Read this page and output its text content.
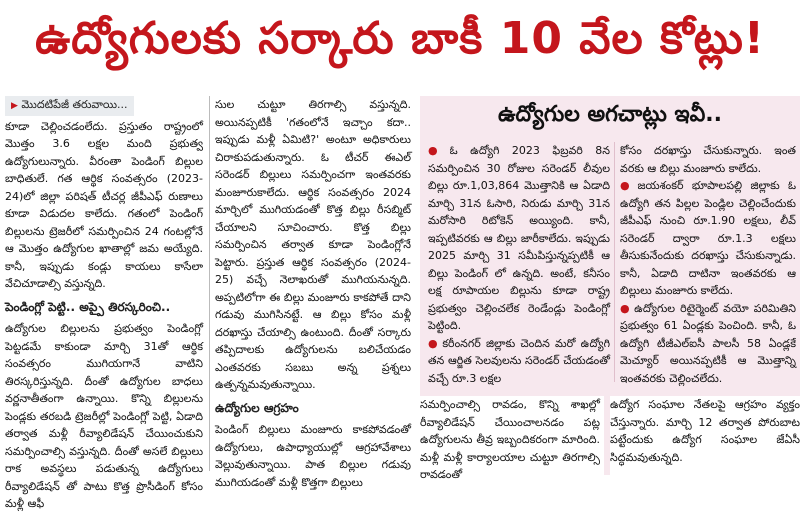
ఉద్యోగులకు సర్కారు బాకీ 10 వేల కోట్లు!
▶ మొదటిపేజీ తరువాయి...

కూడా చెల్లించడంలేదు. ప్రస్తుతం రాష్ట్రంలో మొత్తం 3.6 లక్షల మంది ప్రభుత్వ ఉద్యోగులున్నారు. వీరంతా పెండింగ్ బిల్లుల బాధితులే. గత ఆర్థిక సంవత్సరం (2023-24)లో జిల్లా పరిషత్ టీచర్ల జీపీఎఫ్ రుణాలు కూడా విడుదల కాలేదు. గతంలో పెండింగ్ బిల్లులను ట్రెజరీలో సమర్పించిన 24 గంటల్లోనే ఆ మొత్తం ఉద్యోగుల ఖాతాల్లో జమ అయ్యేది. కానీ, ఇప్పుడు కండ్లు కాయలు కాసేలా వేచిచూడాల్సి వస్తున్నది.

పెండింగ్లో పెట్టి.. అప్పై తిరస్కరించి..

ఉద్యోగుల బిల్లులను ప్రభుత్వం పెండింగ్లో పెట్టడమే కాకుండా మార్చి 31తో ఆర్థిక సంవత్సరం ముగియగానే వాటిని తిరస్కరిస్తున్నది. దీంతో ఉద్యోగుల బాధలు వర్ణనాతీతంగా ఉన్నాయి. కొన్ని బిల్లులను పెండ్లకు తరబడి ట్రెజరీల్లో పెండింగ్లో పెట్టి, ఏడాది తర్వాత మళ్లీ రీవ్యాలిడేషన్ చేయించుకుని సమర్పించాల్సి వస్తున్నది. దీంతో అసలే బిల్లులు రాక అవస్థలు పడుతున్న ఉద్యోగులు రీవ్యాలిడేషన్ తో పాటు కొత్త ప్రొసీడింగ్ కోసం మళ్లీ ఆఫీ

సుల చుట్టూ తిరగాల్సి వస్తున్నది. అయినప్పటికీ 'గతంలోనే ఇచ్చాం కదా.. ఇప్పుడు మళ్లీ ఏమిటి?' అంటూ అధికారులు చిరాకుపడుతున్నారు. ఓ టీచర్ ఈఎల్ సరెండర్ బిల్లులు సమర్పించగా ఇంతవరకు మంజూరుకాలేదు. ఆర్థిక సంవత్సరం 2024 మార్చిలో ముగియడంతో కొత్త బిల్లు రీసబ్మిట్ చేయాలని సూచించారు. కొత్త బిల్లు సమర్పించిన తర్వాత కూడా పెండింగ్లోనే పెట్టారు. ప్రస్తుత ఆర్థిక సంవత్సరం (2024-25) వచ్చే నెలాఖరుతో ముగియనున్నది. అప్పటిలోగా ఈ బిల్లు మంజూరు కాకపోతే దాని గడువు ముగిసినట్టే. ఆ బిల్లు కోసం మళ్లీ దరఖాస్తు చేయాల్సి ఉంటుంది. దీంతో సర్కారు తప్పిదాలకు ఉద్యోగులను బలిచేయడం ఎంతవరకు సబబు అన్న ప్రశ్నలు ఉత్పన్నమవుతున్నాయి.

ఉద్యోగుల ఆగ్రహం

పెండింగ్ బిల్లులు మంజూరు కాకపోవడంతో ఉద్యోగులు, ఉపాధ్యాయుల్లో ఆగ్రహావేశాలు వెల్లువుతున్నాయి. పాత బిల్లుల గడువు ముగియడంతో మళ్లీ కొత్తగా బిల్లులు

ఉద్యోగుల అగచాట్లు ఇవీ..

● ఓ ఉద్యోగి 2023 ఫిబ్రవరి 8న సమర్పించిన 30 రోజుల సరెండర్ లీవుల బిల్లు రూ.1,03,864 మొత్తానికి ఆ ఏడాది మార్చి 31న ఓసారి, నిరుడు మార్చి 31న మరోసారి రిటోకెన్ అయ్యింది. కానీ, ఇప్పటివరకు ఆ బిల్లు జారీకాలేదు. ఇప్పుడు 2025 మార్చి 31 సమీపిస్తున్నప్పటికీ ఆ బిల్లు పెండింగ్ లో ఉన్నది. అంటే, కనీసం లక్ష రూపాయల బిల్లును కూడా రాష్ట్ర ప్రభుత్వం చెల్లించలేక రెండేండ్లు పెండింగ్లో పెట్టింది.

● కరీంనగర్ జిల్లాకు చెందిన మరో ఉద్యోగి తన ఆర్జిత సెలవులను సరెండర్ చేయడంతో వచ్చే రూ.3 లక్షల

కోసం దరఖాస్తు చేసుకున్నారు. ఇంత వరకు ఆ బిల్లు మంజూరు కాలేదు.

● జయశంకర్ భూపాలపల్లి జిల్లాకు ఓ ఉద్యోగి తన పిల్లల పెండ్లిల చెల్లించేందుకు జీపీఎఫ్ నుంచి రూ.1.90 లక్షలు, లీవ్ సరెండర్ ద్వారా రూ.1.3 లక్షలు తీసుకునేందుకు దరఖాస్తు చేసుకున్నాడు. కానీ, ఏడాది దాటినా ఇంతవరకు ఆ బిల్లులు మంజూరు కాలేదు.

● ఉద్యోగుల రిటైర్మెంట్ వయో పరిమితిని ప్రభుత్వం 61 ఏండ్లకు పెంచింది. కానీ, ఓ ఉద్యోగి టీజీఎల్ఐసీ పాలసీ 58 ఏండ్లకే మెచ్యూర్ అయినప్పటికీ ఆ మొత్తాన్ని ఇంతవరకు చెల్లించలేదు.

సమర్పించాల్సి రావడం, కొన్ని శాఖల్లో రీవ్యాలిడేషన్ చేయించాలనడం పట్ల ఉద్యోగులను తీవ్ర ఇబ్బందికరంగా మారింది. మళ్లీ మళ్లీ కార్యాలయాల చుట్టూ తిరగాల్సి రావడంతో

ఉద్యోగ సంఘాల నేతలపై ఆగ్రహం వ్యక్తం చేస్తున్నారు. మార్చి 12 తర్వాత పోరుబాట పట్టేందుకు ఉద్యోగ సంఘాల జేఏసీ సిద్ధమవుతున్నది.
